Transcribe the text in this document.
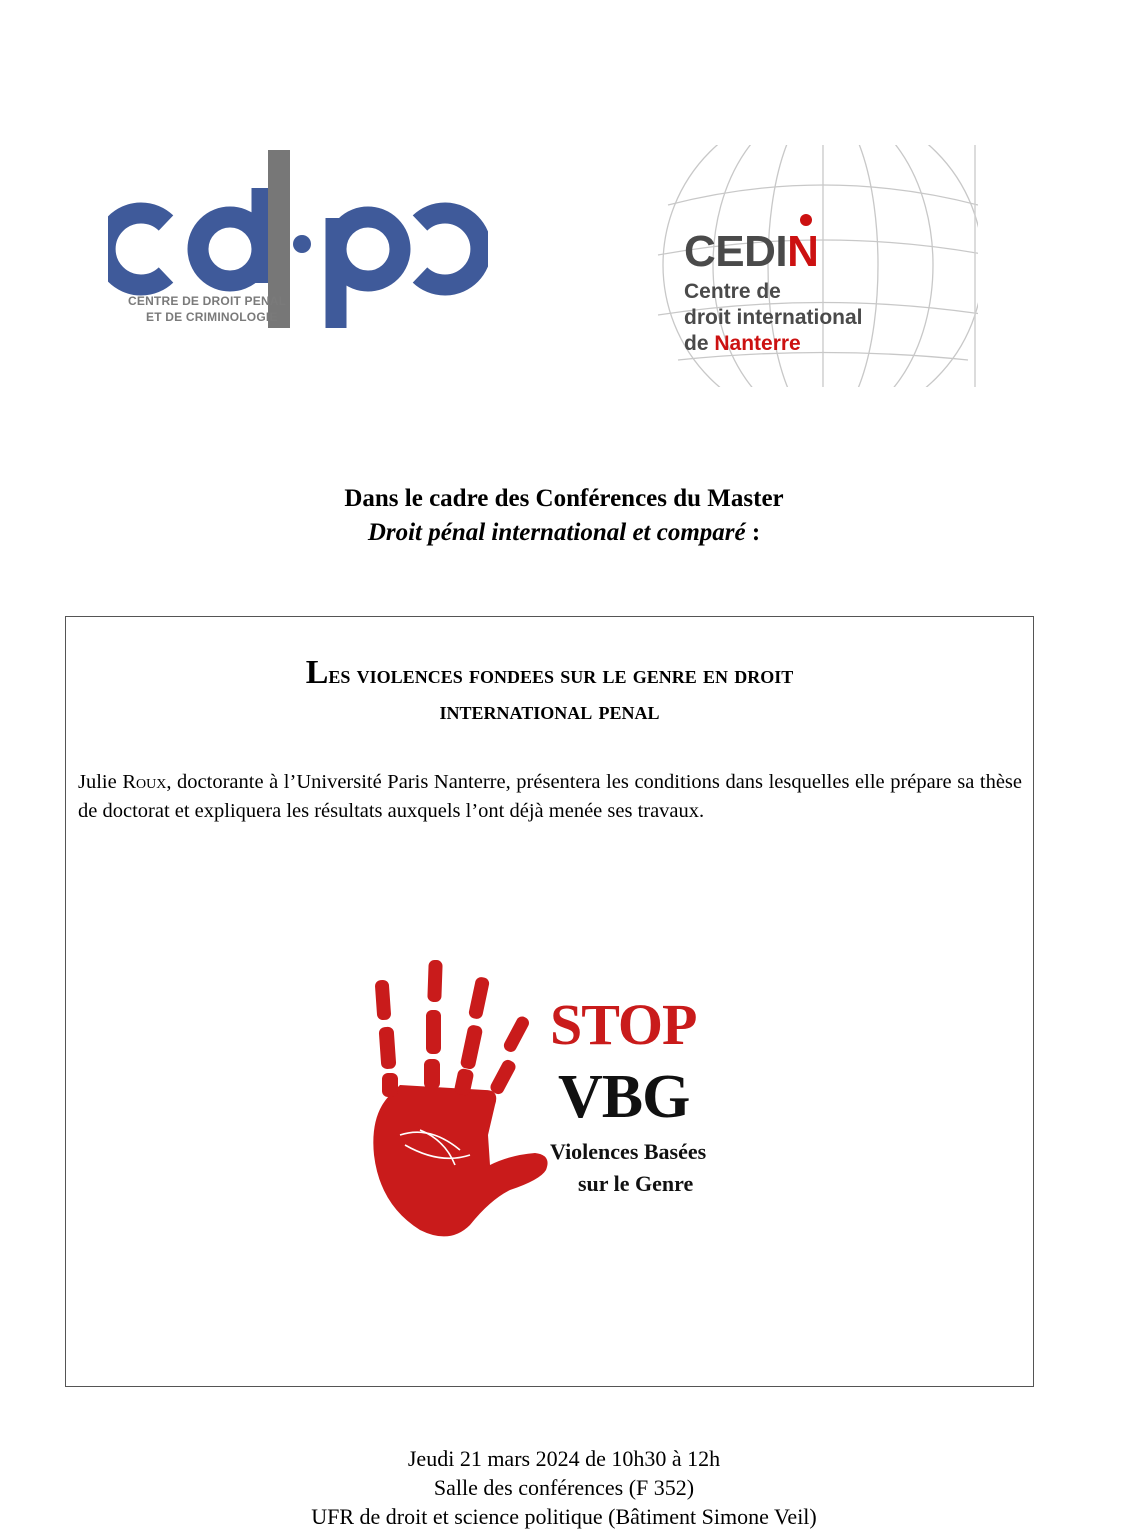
CENTRE DE DROIT PENAL
ET DE CRIMINOLOGIE
CEDIN
Centre de
droit international
de Nanterre
Dans le cadre des Conférences du Master
Droit pénal international et comparé :
Les violences fondees sur le genre en droit
international penal
Julie Roux, doctorante à l’Université Paris Nanterre, présentera les conditions dans lesquelles elle prépare sa thèse de doctorat et expliquera les résultats auxquels l’ont déjà menée ses travaux.
STOP
VBG
Violences Basées
sur le Genre
Jeudi 21 mars 2024 de 10h30 à 12h
Salle des conférences (F 352)
UFR de droit et science politique (Bâtiment Simone Veil)
